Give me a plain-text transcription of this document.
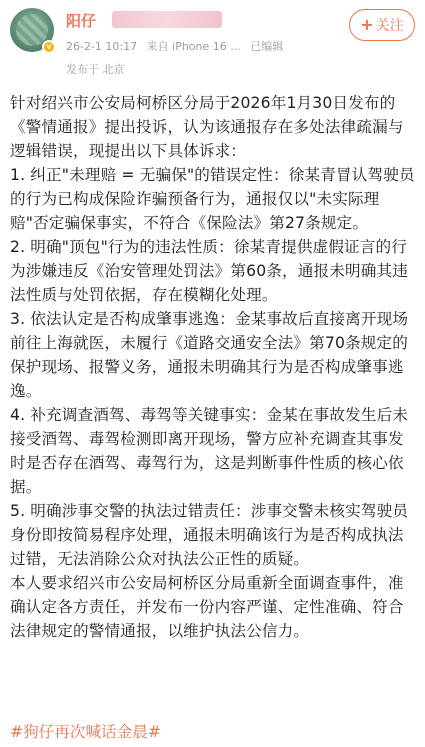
v
阳仔
26-2-1 10:17 来自 iPhone 16 ... 已编辑
发布于 北京
+ 关注

针对绍兴市公安局柯桥区分局于2026年1月30日发布的《警情通报》提出投诉，认为该通报存在多处法律疏漏与逻辑错误，现提出以下具体诉求：

1. 纠正"未理赔 = 无骗保"的错误定性：徐某青冒认驾驶员的行为已构成保险诈骗预备行为，通报仅以"未实际理赔"否定骗保事实，不符合《保险法》第27条规定。

2. 明确"顶包"行为的违法性质：徐某青提供虚假证言的行为涉嫌违反《治安管理处罚法》第60条，通报未明确其违法性质与处罚依据，存在模糊化处理。

3. 依法认定是否构成肇事逃逸：金某事故后直接离开现场前往上海就医，未履行《道路交通安全法》第70条规定的保护现场、报警义务，通报未明确其行为是否构成肇事逃逸。

4. 补充调查酒驾、毒驾等关键事实：金某在事故发生后未接受酒驾、毒驾检测即离开现场，警方应补充调查其事发时是否存在酒驾、毒驾行为，这是判断事件性质的核心依据。

5. 明确涉事交警的执法过错责任：涉事交警未核实驾驶员身份即按简易程序处理，通报未明确该行为是否构成执法过错，无法消除公众对执法公正性的质疑。

本人要求绍兴市公安局柯桥区分局重新全面调查事件，准确认定各方责任，并发布一份内容严谨、定性准确、符合法律规定的警情通报，以维护执法公信力。

#狗仔再次喊话金晨#
